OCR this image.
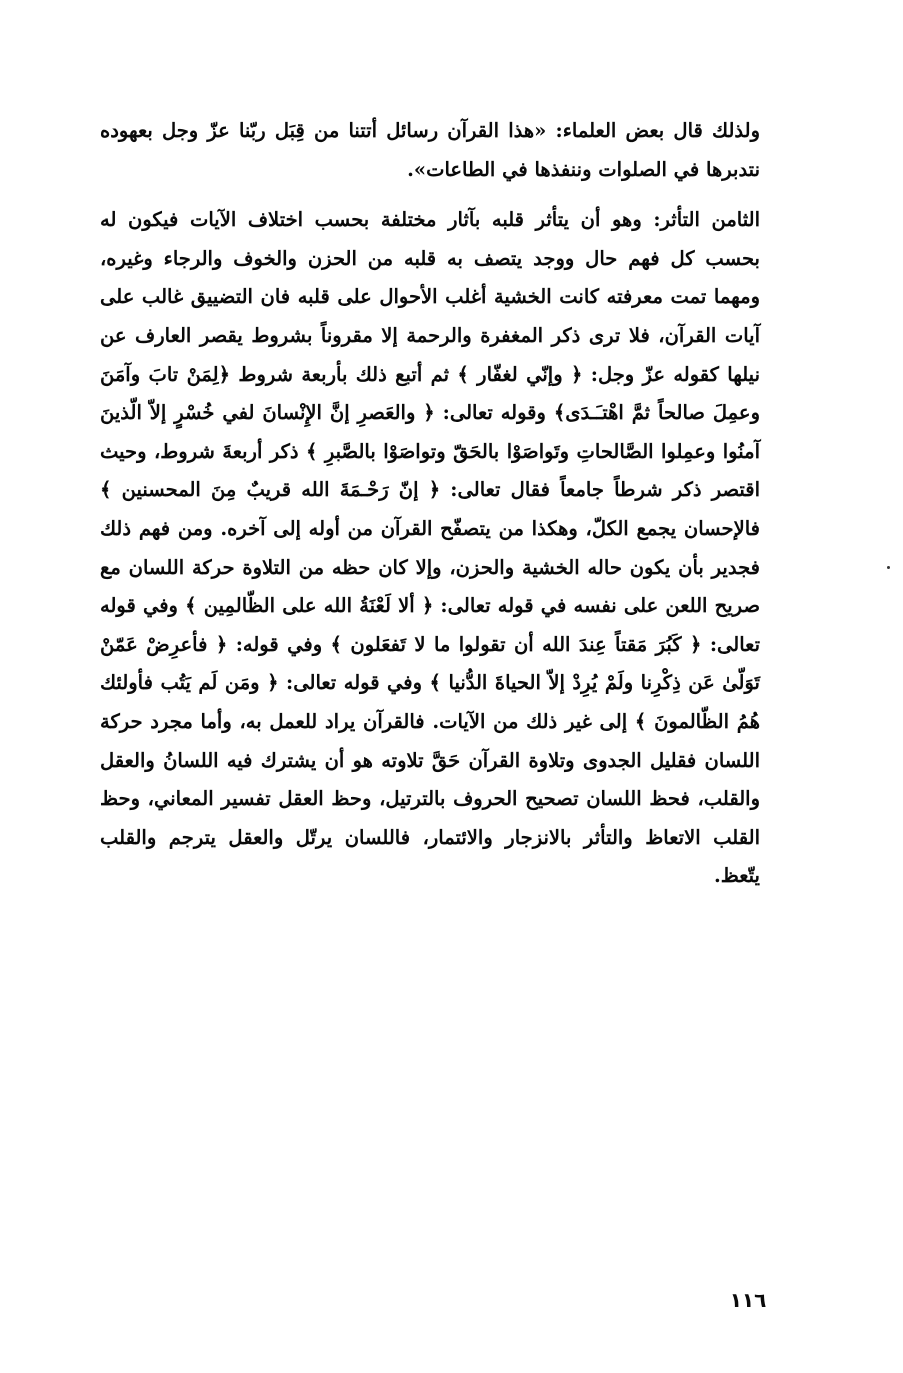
ولذلك قال بعض العلماء: «هذا القرآن رسائل أتتنا من قِبَل ربّنا عزّ وجل بعهوده نتدبرها في الصلوات وننفذها في الطاعات».

الثامن التأثر: وهو أن يتأثر قلبه بآثار مختلفة بحسب اختلاف الآيات فيكون له بحسب كل فهم حال ووجد يتصف به قلبه من الحزن والخوف والرجاء وغيره، ومهما تمت معرفته كانت الخشية أغلب الأحوال على قلبه فان التضييق غالب على آيات القرآن، فلا ترى ذكر المغفرة والرحمة إلا مقروناً بشروط يقصر العارف عن نيلها كقوله عزّ وجل: ﴿ وإنّي لغفّار ﴾ ثم أتبع ذلك بأربعة شروط ﴿لِمَنْ تابَ وآمَنَ وعمِلَ صالحاً ثمَّ اهْتـَـدَى﴾ وقوله تعالى: ﴿ والعَصرِ إنَّ الإِنْسانَ لفي خُسْرٍ إلاّ الّذينَ آمنُوا وعمِلوا الصَّالحاتِ وتَواصَوْا بالحَقّ وتواصَوْا بالصَّبرِ ﴾ ذكر أربعةَ شروط، وحيث اقتصر ذكر شرطاً جامعاً فقال تعالى: ﴿ إنّ رَحْـمَةَ الله قريبٌ مِنَ المحسنين ﴾ فالإحسان يجمع الكلّ، وهكذا من يتصفّح القرآن من أوله إلى آخره. ومن فهم ذلك فجدير بأن يكون حاله الخشية والحزن، وإلا كان حظه من التلاوة حركة اللسان مع صريح اللعن على نفسه في قوله تعالى: ﴿ ألا لَعْنَةُ الله على الظّالمِين ﴾ وفي قوله تعالى: ﴿ كَبُرَ مَقتاً عِندَ الله أن تقولوا ما لا تَفعَلون ﴾ وفي قوله: ﴿ فأعرِضْ عَمّنْ تَوَلّىٰ عَن ذِكْرِنا ولَمْ يُرِدْ إلاّ الحياةَ الدُّنيا ﴾ وفي قوله تعالى: ﴿ ومَن لَم يَتُب فأولئك هُمُ الظّالمونَ ﴾ إلى غير ذلك من الآيات. فالقرآن يراد للعمل به، وأما مجرد حركة اللسان فقليل الجدوى وتلاوة القرآن حَقَّ تلاوته هو أن يشترك فيه اللسانُ والعقل والقلب، فحظ اللسان تصحيح الحروف بالترتيل، وحظ العقل تفسير المعاني، وحظ القلب الاتعاظ والتأثر بالانزجار والائتمار، فاللسان يرتّل والعقل يترجم والقلب يتّعظ.

١١٦
